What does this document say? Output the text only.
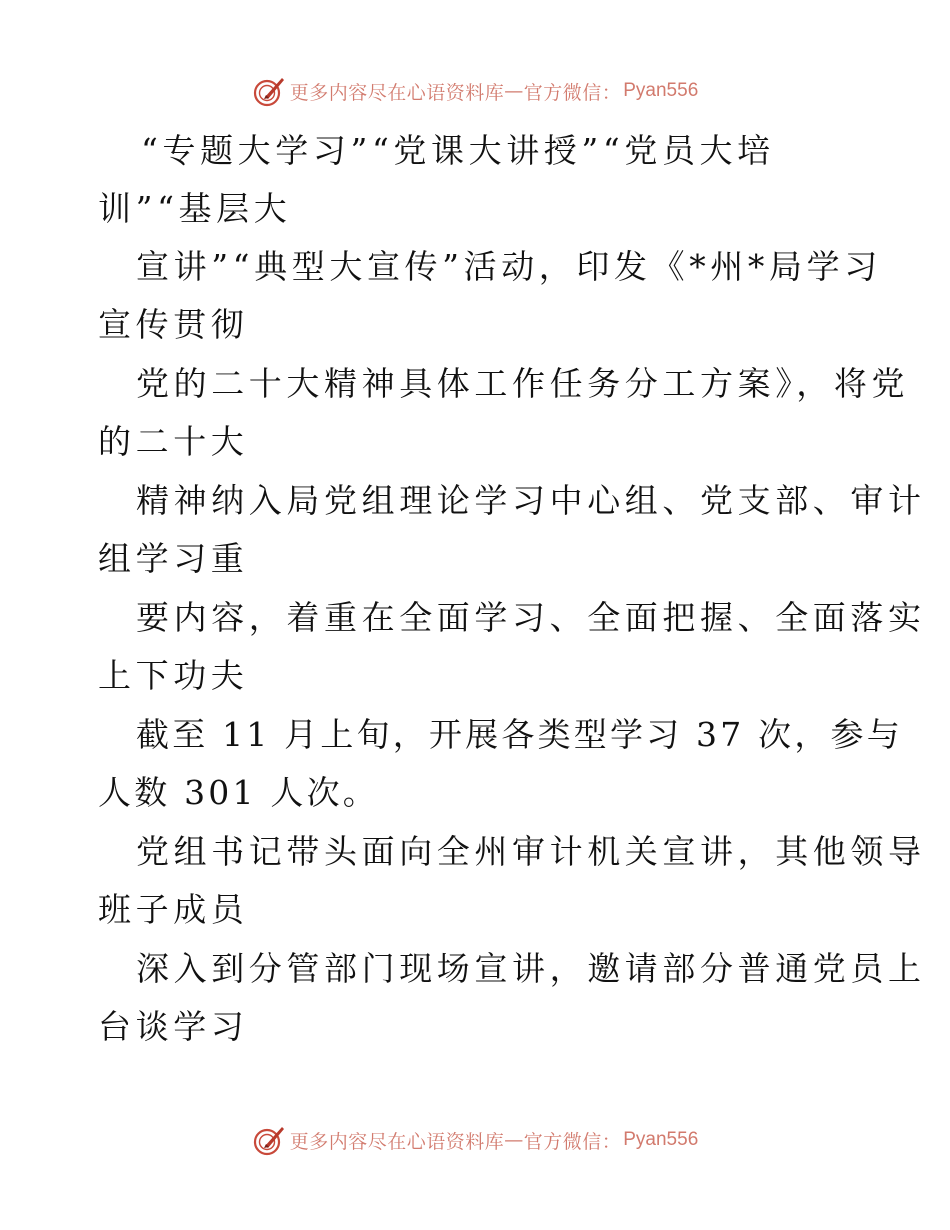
更多内容尽在心语资料库 — 官方微信： Pyan556
“专题大学习”“党课大讲授”“党员大培
训”“基层大
宣讲”“典型大宣传”活动，印发《*州*局学习
宣传贯彻
党的二十大精神具体工作任务分工方案》，将党
的二十大
精神纳入局党组理论学习中心组、党支部、审计
组学习重
要内容，着重在全面学习、全面把握、全面落实
上下功夫
截至 11 月上旬，开展各类型学习 37 次，参与
人数 301 人次。
党组书记带头面向全州审计机关宣讲，其他领导
班子成员
深入到分管部门现场宣讲，邀请部分普通党员上
台谈学习
更多内容尽在心语资料库 — 官方微信： Pyan556
